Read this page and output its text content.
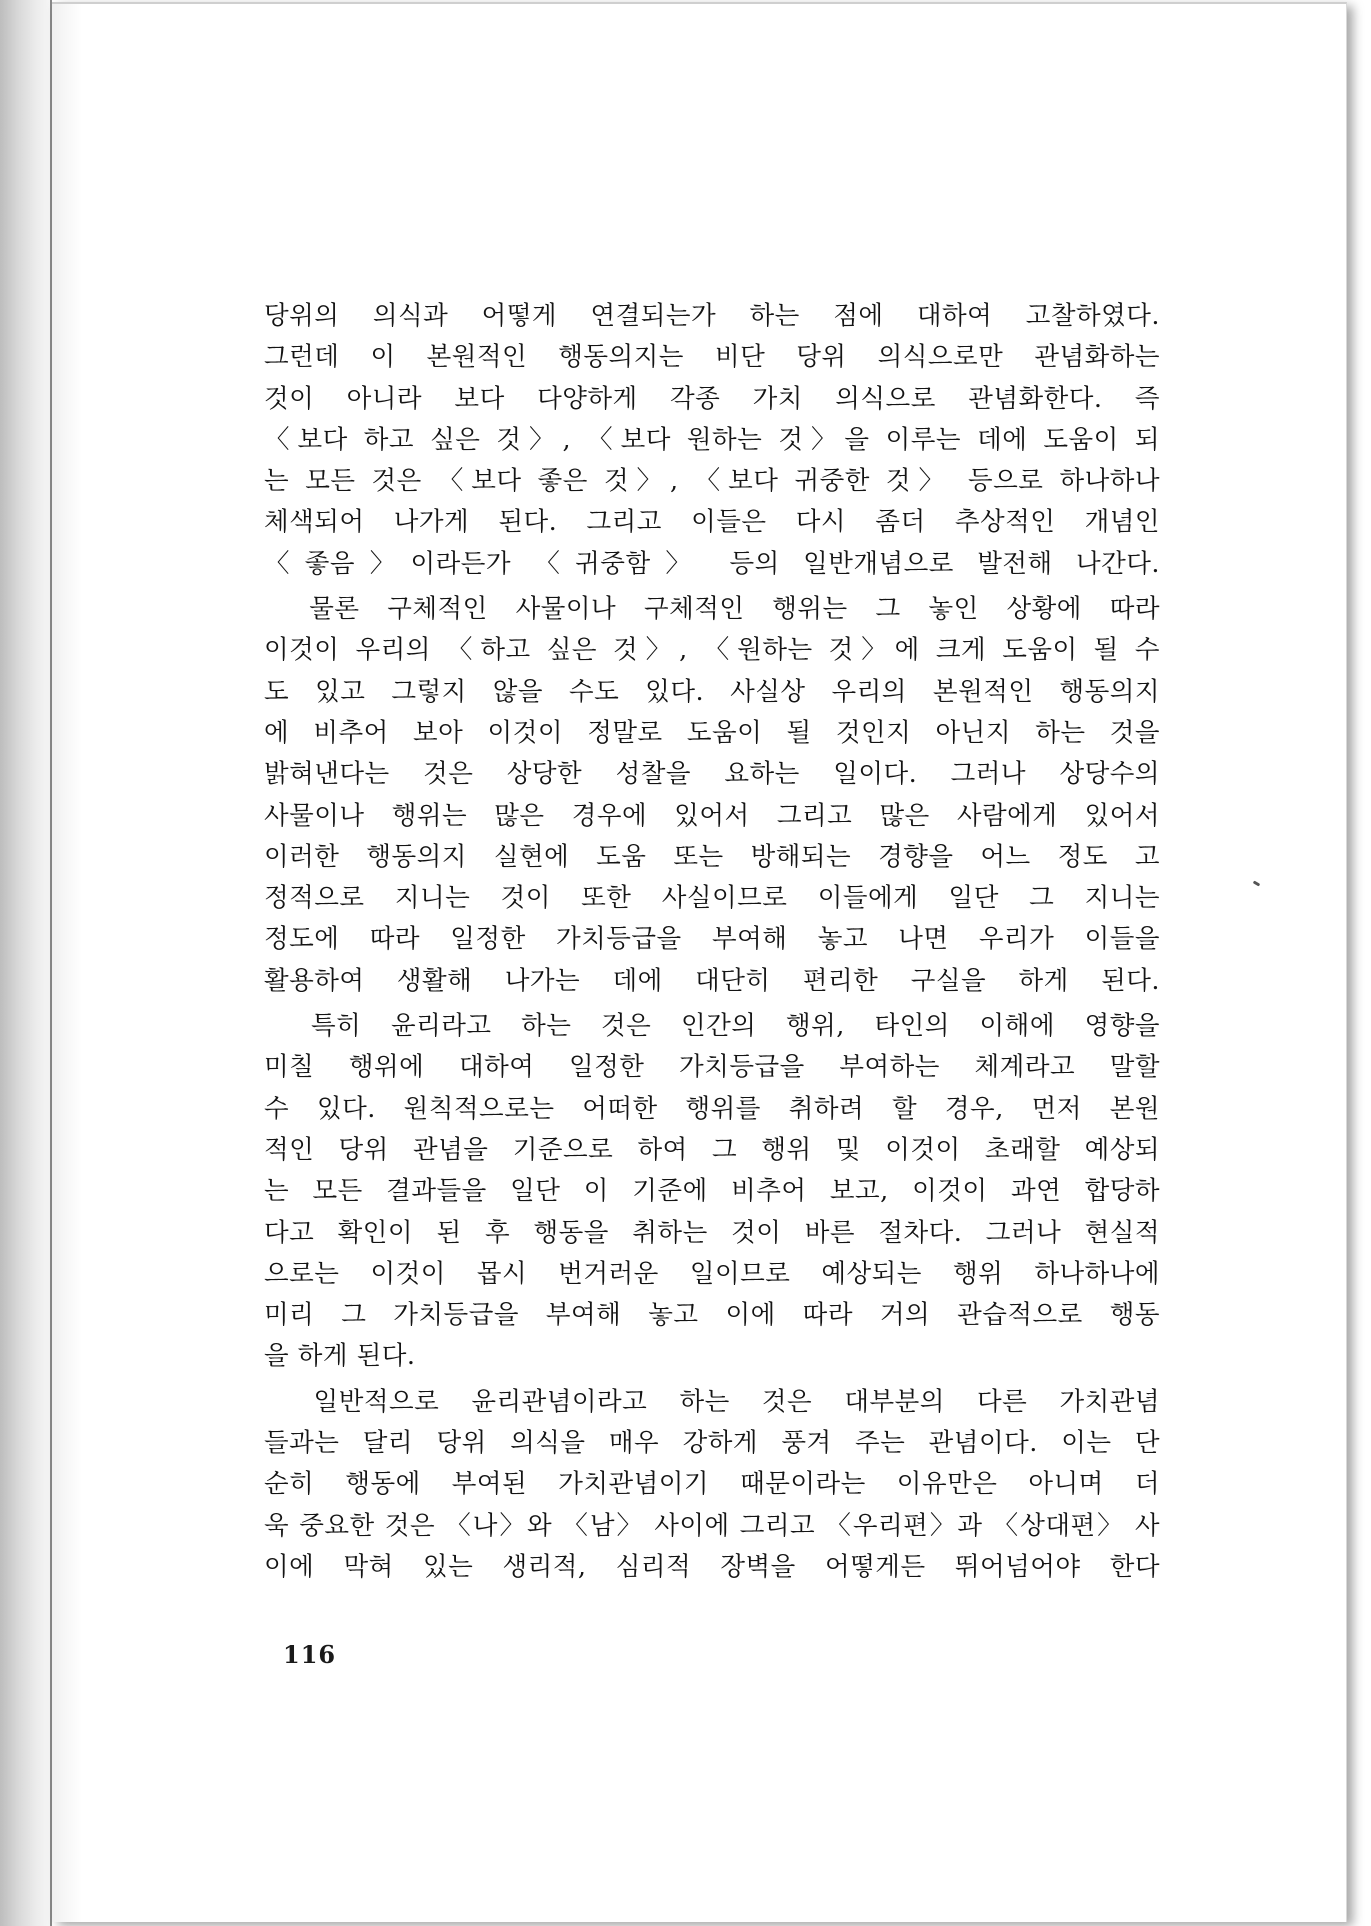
당위의 의식과 어떻게 연결되는가 하는 점에 대하여 고찰하였다.
그런데 이 본원적인 행동의지는 비단 당위 의식으로만 관념화하는
것이 아니라 보다 다양하게 각종 가치 의식으로 관념화한다. 즉
〈보다 하고 싶은 것〉, 〈보다 원하는 것〉을 이루는 데에 도움이 되
는 모든 것은 〈보다 좋은 것〉, 〈보다 귀중한 것〉 등으로 하나하나
체색되어 나가게 된다. 그리고 이들은 다시 좀더 추상적인 개념인
〈좋음〉이라든가 〈귀중함〉 등의 일반개념으로 발전해 나간다.
　물론 구체적인 사물이나 구체적인 행위는 그 놓인 상황에 따라
이것이 우리의 〈하고 싶은 것〉, 〈원하는 것〉에 크게 도움이 될 수
도 있고 그렇지 않을 수도 있다. 사실상 우리의 본원적인 행동의지
에 비추어 보아 이것이 정말로 도움이 될 것인지 아닌지 하는 것을
밝혀낸다는 것은 상당한 성찰을 요하는 일이다. 그러나 상당수의
사물이나 행위는 많은 경우에 있어서 그리고 많은 사람에게 있어서
이러한 행동의지 실현에 도움 또는 방해되는 경향을 어느 정도 고
정적으로 지니는 것이 또한 사실이므로 이들에게 일단 그 지니는
정도에 따라 일정한 가치등급을 부여해 놓고 나면 우리가 이들을
활용하여 생활해 나가는 데에 대단히 편리한 구실을 하게 된다.
　특히 윤리라고 하는 것은 인간의 행위, 타인의 이해에 영향을
미칠 행위에 대하여 일정한 가치등급을 부여하는 체계라고 말할
수 있다. 원칙적으로는 어떠한 행위를 취하려 할 경우, 먼저 본원
적인 당위 관념을 기준으로 하여 그 행위 및 이것이 초래할 예상되
는 모든 결과들을 일단 이 기준에 비추어 보고, 이것이 과연 합당하
다고 확인이 된 후 행동을 취하는 것이 바른 절차다. 그러나 현실적
으로는 이것이 몹시 번거러운 일이므로 예상되는 행위 하나하나에
미리 그 가치등급을 부여해 놓고 이에 따라 거의 관습적으로 행동
을 하게 된다.
　일반적으로 윤리관념이라고 하는 것은 대부분의 다른 가치관념
들과는 달리 당위 의식을 매우 강하게 풍겨 주는 관념이다. 이는 단
순히 행동에 부여된 가치관념이기 때문이라는 이유만은 아니며 더
욱 중요한 것은 〈나〉와 〈남〉 사이에 그리고 〈우리편〉과 〈상대편〉 사
이에 막혀 있는 생리적, 심리적 장벽을 어떻게든 뛰어넘어야 한다
116
